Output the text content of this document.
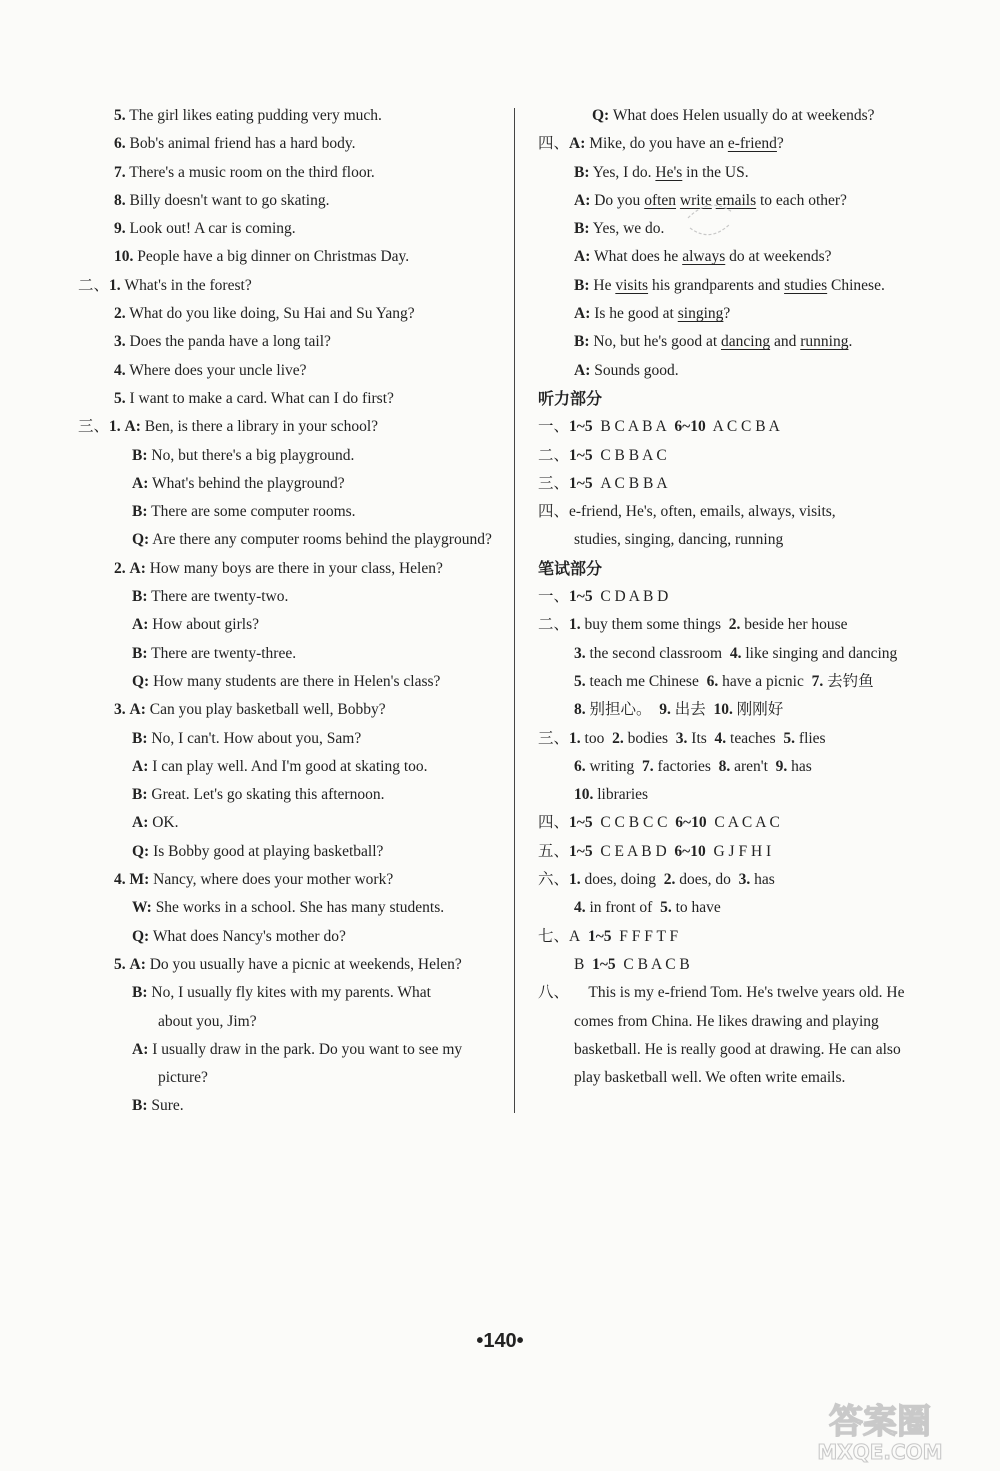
5. The girl likes eating pudding very much.
6. Bob's animal friend has a hard body.
7. There's a music room on the third floor.
8. Billy doesn't want to go skating.
9. Look out! A car is coming.
10. People have a big dinner on Christmas Day.
二、1. What's in the forest?
2. What do you like doing, Su Hai and Su Yang?
3. Does the panda have a long tail?
4. Where does your uncle live?
5. I want to make a card. What can I do first?
三、1. A: Ben, is there a library in your school?
B: No, but there's a big playground.
A: What's behind the playground?
B: There are some computer rooms.
Q: Are there any computer rooms behind the playground?
2. A: How many boys are there in your class, Helen?
B: There are twenty-two.
A: How about girls?
B: There are twenty-three.
Q: How many students are there in Helen's class?
3. A: Can you play basketball well, Bobby?
B: No, I can't. How about you, Sam?
A: I can play well. And I'm good at skating too.
B: Great. Let's go skating this afternoon.
A: OK.
Q: Is Bobby good at playing basketball?
4. M: Nancy, where does your mother work?
W: She works in a school. She has many students.
Q: What does Nancy's mother do?
5. A: Do you usually have a picnic at weekends, Helen?
B: No, I usually fly kites with my parents. What
about you, Jim?
A: I usually draw in the park. Do you want to see my
picture?
B: Sure.
Q: What does Helen usually do at weekends?
四、A: Mike, do you have an e-friend?
B: Yes, I do. He's in the US.
A: Do you often write emails to each other?
B: Yes, we do.
A: What does he always do at weekends?
B: He visits his grandparents and studies Chinese.
A: Is he good at singing?
B: No, but he's good at dancing and running.
A: Sounds good.
听力部分
一、1~5  B C A B A  6~10  A C C B A
二、1~5  C B B A C
三、1~5  A C B B A
四、e-friend, He's, often, emails, always, visits,
studies, singing, dancing, running
笔试部分
一、1~5  C D A B D
二、1. buy them some things  2. beside her house
3. the second classroom  4. like singing and dancing
5. teach me Chinese  6. have a picnic  7. 去钓鱼
8. 别担心。  9. 出去  10. 刚刚好
三、1. too  2. bodies  3. Its  4. teaches  5. flies
6. writing  7. factories  8. aren't  9. has
10. libraries
四、1~5  C C B C C  6~10  C A C A C
五、1~5  C E A B D  6~10  G J F H I
六、1. does, doing  2. does, do  3. has
4. in front of  5. to have
七、A  1~5  F F F T F
B  1~5  C B A C B
八、     This is my e-friend Tom. He's twelve years old. He
comes from China. He likes drawing and playing
basketball. He is really good at drawing. He can also
play basketball well. We often write emails.
•140•
答案圈
MXQE.COM
